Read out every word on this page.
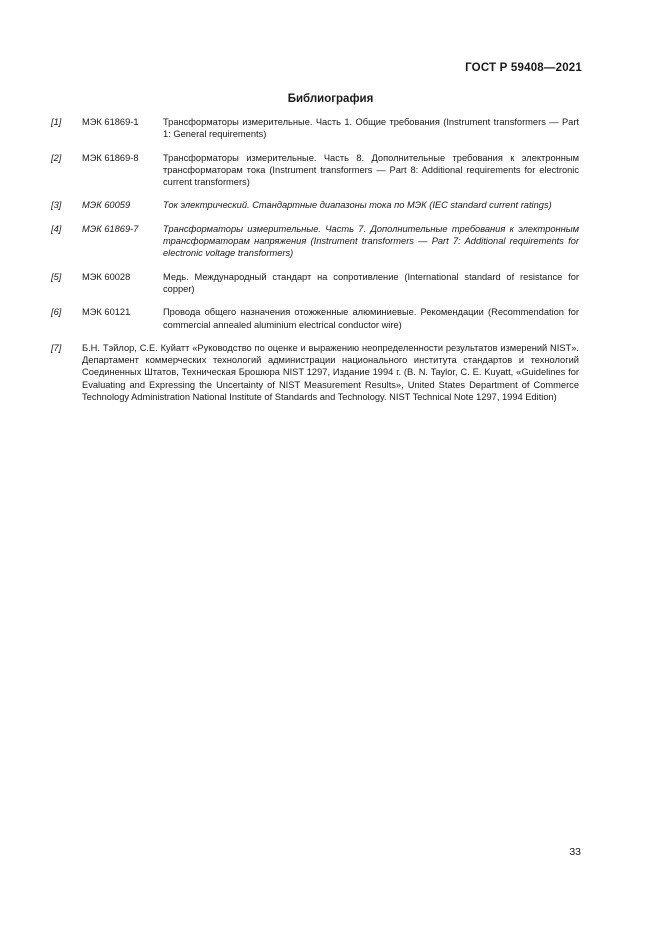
ГОСТ Р 59408—2021
Библиография
[1]	МЭК 61869-1	Трансформаторы измерительные. Часть 1. Общие требования (Instrument transformers — Part 1: General requirements)
[2]	МЭК 61869-8	Трансформаторы измерительные. Часть 8. Дополнительные требования к электронным трансформаторам тока (Instrument transformers — Part 8: Additional requirements for electronic current transformers)
[3]	МЭК 60059	Ток электрический. Стандартные диапазоны тока по МЭК (IEC standard current ratings)
[4]	МЭК 61869-7	Трансформаторы измерительные. Часть 7. Дополнительные требования к электронным трансформаторам напряжения (Instrument transformers — Part 7: Additional requirements for electronic voltage transformers)
[5]	МЭК 60028	Медь. Международный стандарт на сопротивление (International standard of resistance for copper)
[6]	МЭК 60121	Провода общего назначения отожженные алюминиевые. Рекомендации (Recommendation for commercial annealed aluminium electrical conductor wire)
[7]	Б.Н. Тэйлор, С.Е. Куйатт «Руководство по оценке и выражению неопределенности результатов измерений NIST». Департамент коммерческих технологий администрации национального института стандартов и технологий Соединенных Штатов, Техническая Брошюра NIST 1297, Издание 1994 г. (B. N. Taylor, C. E. Kuyatt, «Guidelines for Evaluating and Expressing the Uncertainty of NIST Measurement Results», United States Department of Commerce Technology Administration National Institute of Standards and Technology. NIST Technical Note 1297, 1994 Edition)
33
